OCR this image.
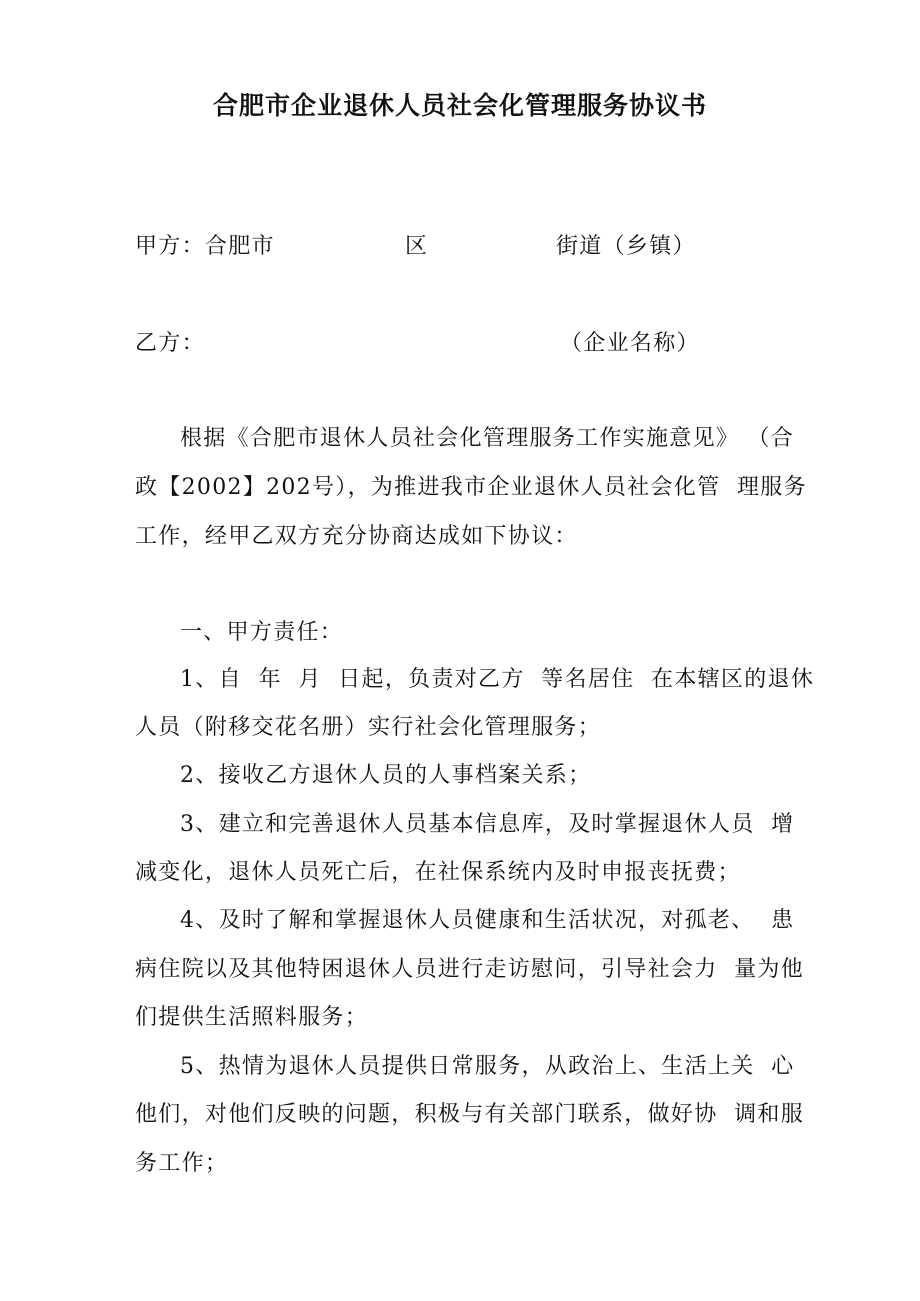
合肥市企业退休人员社会化管理服务协议书
甲方：合肥市	区	街道（乡镇）
乙方：	（企业名称）
根据《合肥市退休人员社会化管理服务工作实施意见》 （合
政【2002】202号），为推进我市企业退休人员社会化管  理服务
工作，经甲乙双方充分协商达成如下协议：
一、甲方责任：
1、自  年  月  日起，负责对乙方  等名居住  在本辖区的退休
人员（附移交花名册）实行社会化管理服务；
2、接收乙方退休人员的人事档案关系；
3、建立和完善退休人员基本信息库，及时掌握退休人员  增
减变化，退休人员死亡后，在社保系统内及时申报丧抚费；
4、及时了解和掌握退休人员健康和生活状况，对孤老、  患
病住院以及其他特困退休人员进行走访慰问，引导社会力  量为他
们提供生活照料服务；
5、热情为退休人员提供日常服务，从政治上、生活上关  心
他们，对他们反映的问题，积极与有关部门联系，做好协  调和服
务工作；
